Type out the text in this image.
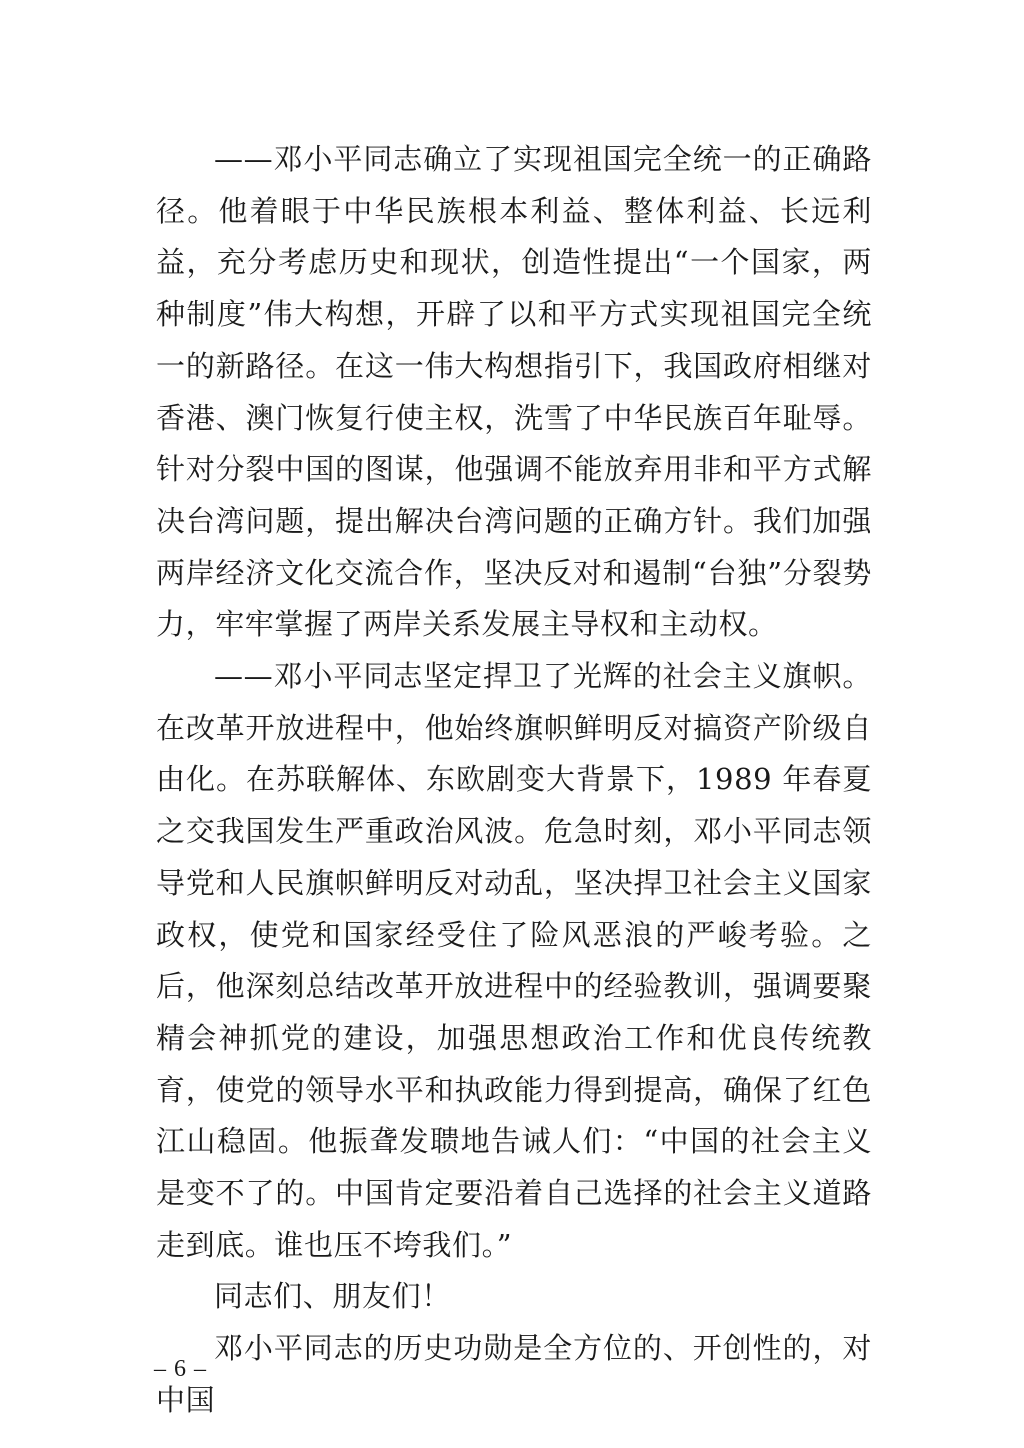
——邓小平同志确立了实现祖国完全统一的正确路径。他着眼于中华民族根本利益、整体利益、长远利益，充分考虑历史和现状，创造性提出“一个国家，两种制度”伟大构想，开辟了以和平方式实现祖国完全统一的新路径。在这一伟大构想指引下，我国政府相继对香港、澳门恢复行使主权，洗雪了中华民族百年耻辱。针对分裂中国的图谋，他强调不能放弃用非和平方式解决台湾问题，提出解决台湾问题的正确方针。我们加强两岸经济文化交流合作，坚决反对和遏制“台独”分裂势力，牢牢掌握了两岸关系发展主导权和主动权。

——邓小平同志坚定捍卫了光辉的社会主义旗帜。在改革开放进程中，他始终旗帜鲜明反对搞资产阶级自由化。在苏联解体、东欧剧变大背景下，1989 年春夏之交我国发生严重政治风波。危急时刻，邓小平同志领导党和人民旗帜鲜明反对动乱，坚决捍卫社会主义国家政权，使党和国家经受住了险风恶浪的严峻考验。之后，他深刻总结改革开放进程中的经验教训，强调要聚精会神抓党的建设，加强思想政治工作和优良传统教育，使党的领导水平和执政能力得到提高，确保了红色江山稳固。他振聋发聩地告诫人们：“中国的社会主义是变不了的。中国肯定要沿着自己选择的社会主义道路走到底。谁也压不垮我们。”

同志们、朋友们！

邓小平同志的历史功勋是全方位的、开创性的，对中国

– 6 –
